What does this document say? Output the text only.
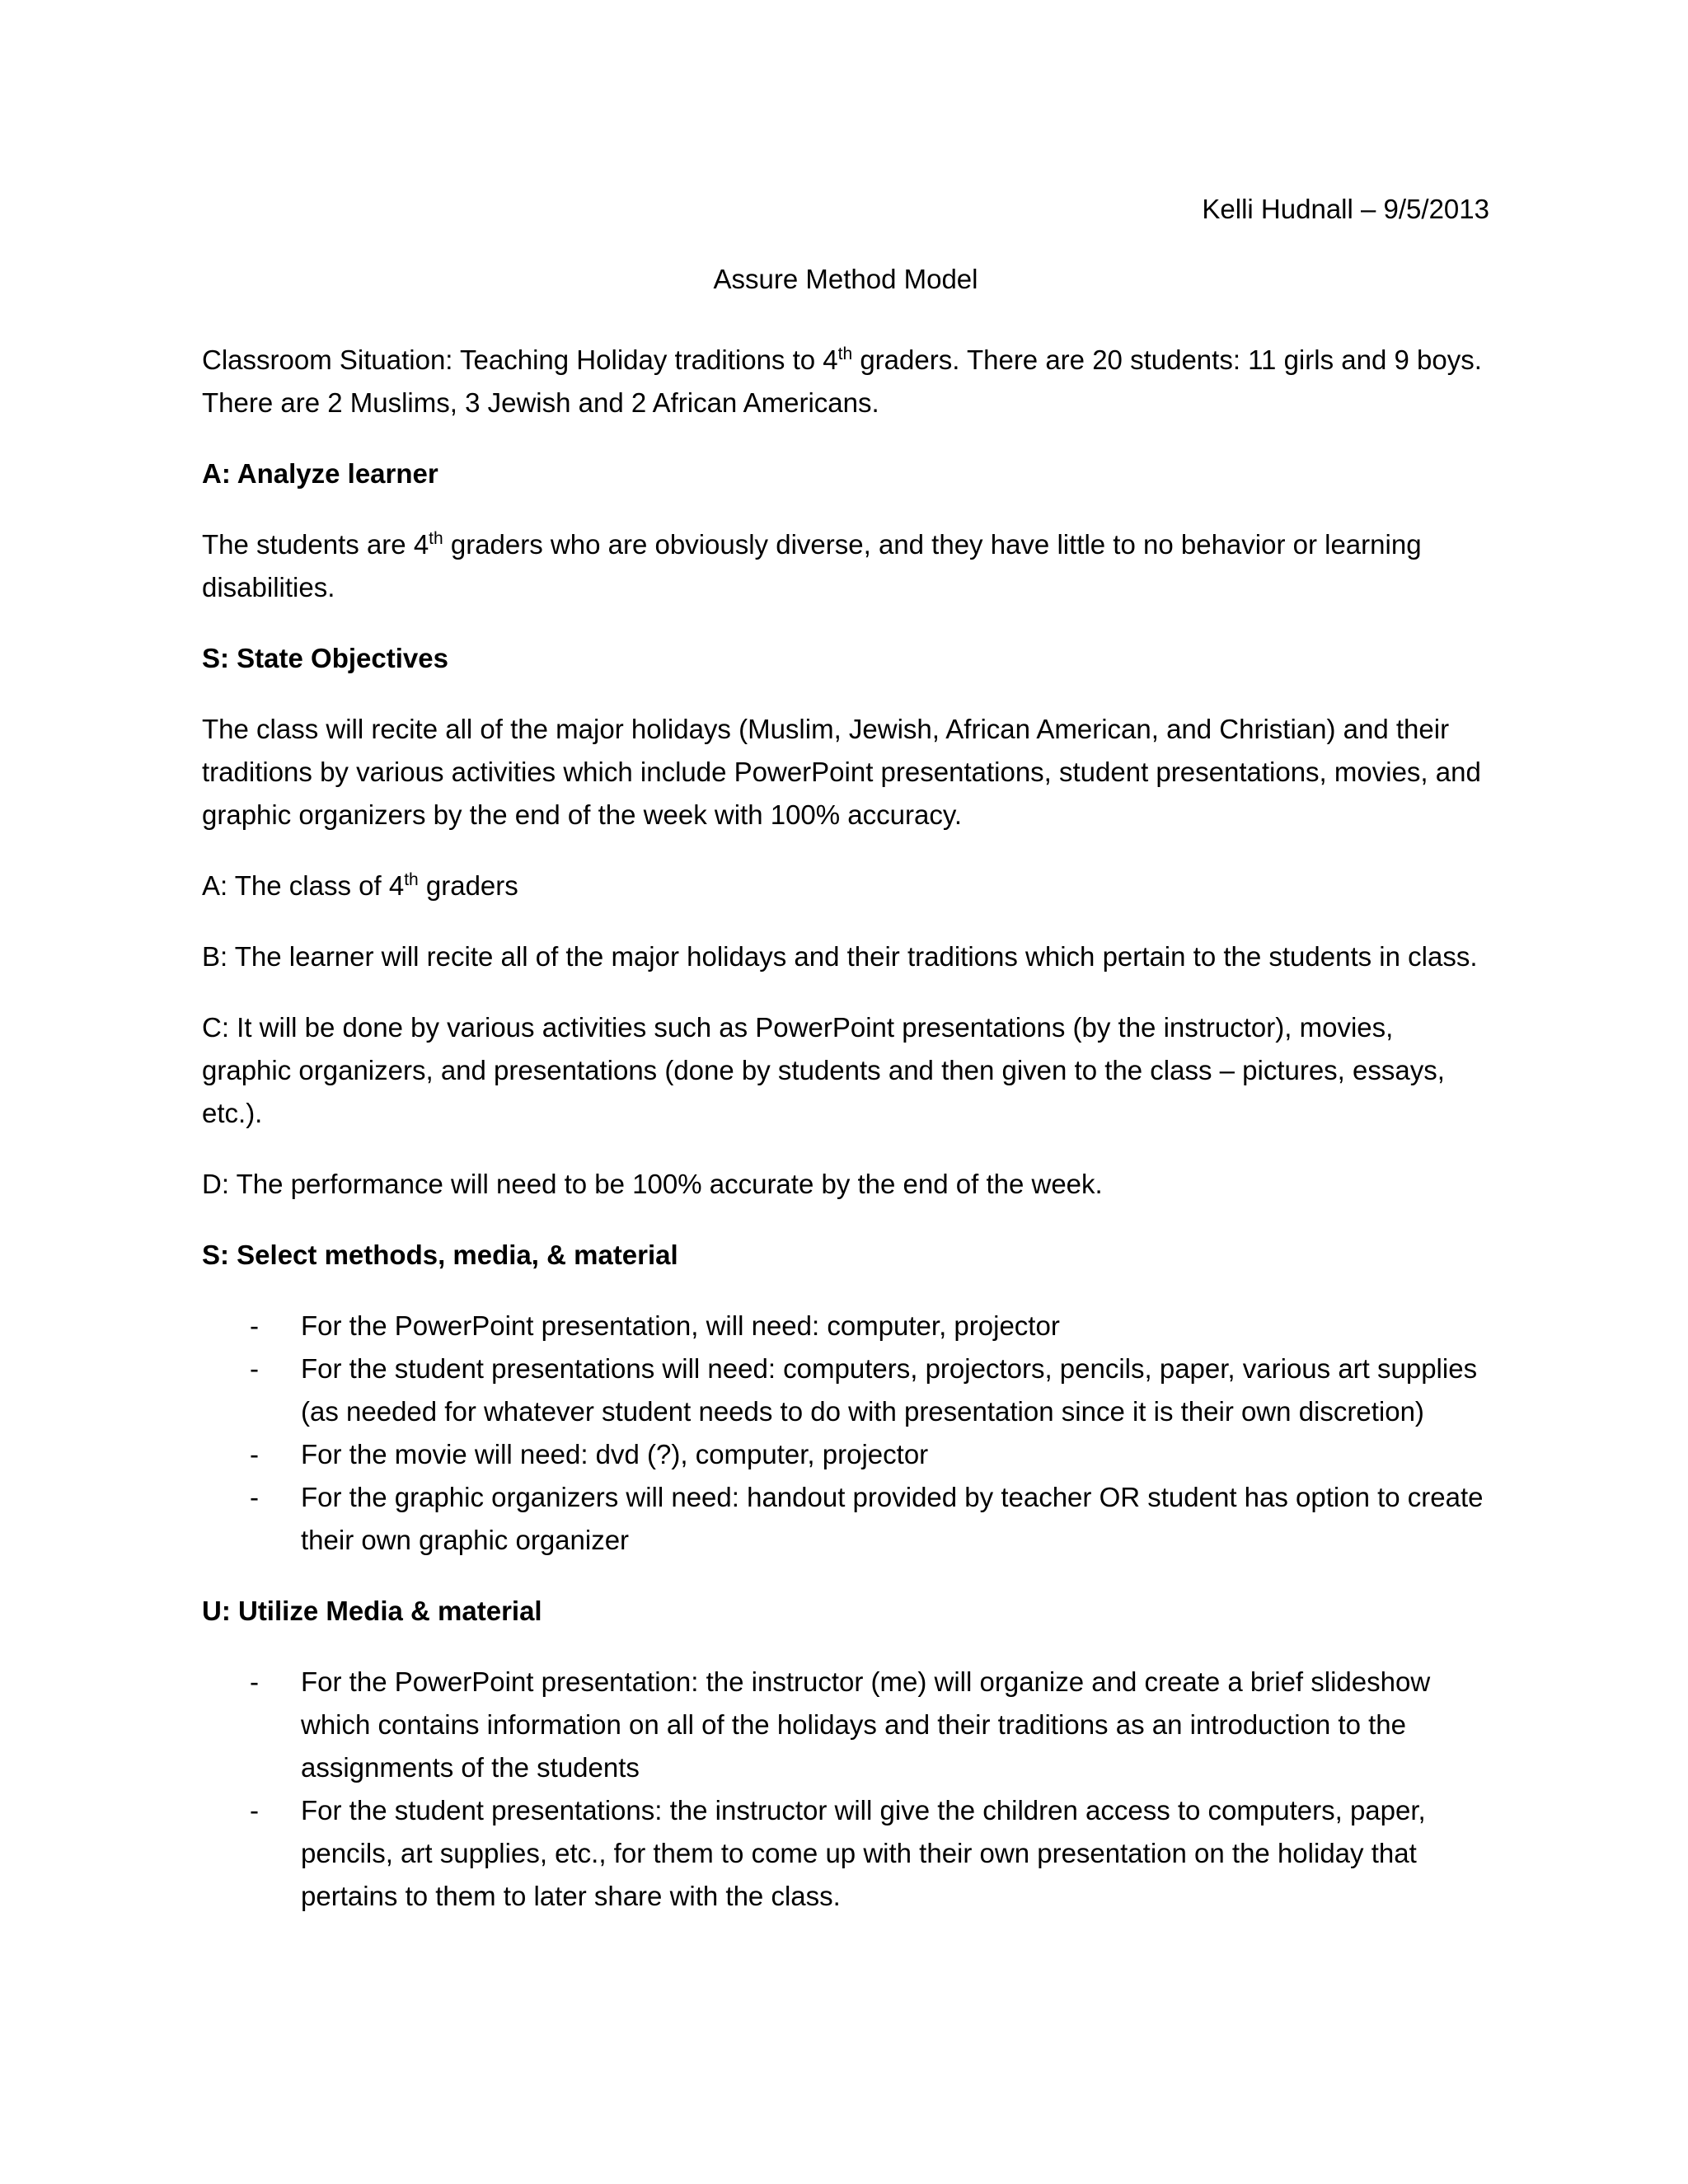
Kelli Hudnall – 9/5/2013
Assure Method Model

Classroom Situation: Teaching Holiday traditions to 4th graders. There are 20 students: 11 girls and 9 boys. There are 2 Muslims, 3 Jewish and 2 African Americans.

A: Analyze learner

The students are 4th graders who are obviously diverse, and they have little to no behavior or learning disabilities.

S: State Objectives

The class will recite all of the major holidays (Muslim, Jewish, African American, and Christian) and their traditions by various activities which include PowerPoint presentations, student presentations, movies, and graphic organizers by the end of the week with 100% accuracy.

A: The class of 4th graders

B: The learner will recite all of the major holidays and their traditions which pertain to the students in class.

C: It will be done by various activities such as PowerPoint presentations (by the instructor), movies, graphic organizers, and presentations (done by students and then given to the class – pictures, essays, etc.).

D: The performance will need to be 100% accurate by the end of the week.

S: Select methods, media, & material

-	For the PowerPoint presentation, will need: computer, projector
-	For the student presentations will need: computers, projectors, pencils, paper, various art supplies (as needed for whatever student needs to do with presentation since it is their own discretion)
-	For the movie will need: dvd (?), computer, projector
-	For the graphic organizers will need: handout provided by teacher OR student has option to create their own graphic organizer

U: Utilize Media & material

-	For the PowerPoint presentation: the instructor (me) will organize and create a brief slideshow which contains information on all of the holidays and their traditions as an introduction to the assignments of the students
-	For the student presentations: the instructor will give the children access to computers, paper, pencils, art supplies, etc., for them to come up with their own presentation on the holiday that pertains to them to later share with the class.
